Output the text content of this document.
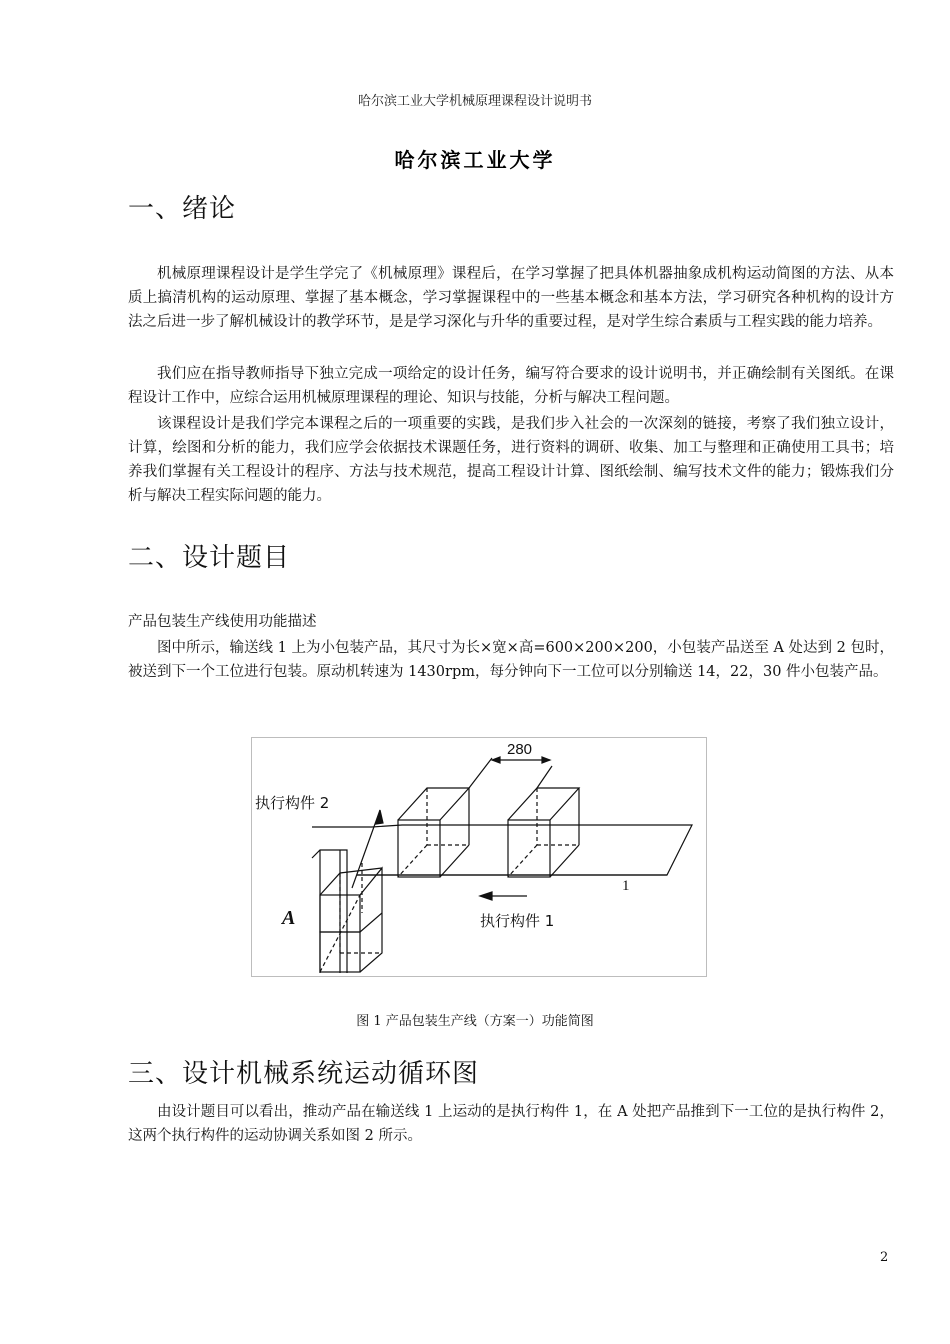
哈尔滨工业大学机械原理课程设计说明书
哈尔滨工业大学
一、绪论

机械原理课程设计是学生学完了《机械原理》课程后，在学习掌握了把具体机器抽象成机构运动简图的方法、从本质上搞清机构的运动原理、掌握了基本概念，学习掌握课程中的一些基本概念和基本方法，学习研究各种机构的设计方法之后进一步了解机械设计的教学环节，是是学习深化与升华的重要过程，是对学生综合素质与工程实践的能力培养。

我们应在指导教师指导下独立完成一项给定的设计任务，编写符合要求的设计说明书，并正确绘制有关图纸。在课程设计工作中，应综合运用机械原理课程的理论、知识与技能，分析与解决工程问题。

该课程设计是我们学完本课程之后的一项重要的实践，是我们步入社会的一次深刻的链接，考察了我们独立设计，计算，绘图和分析的能力，我们应学会依据技术课题任务，进行资料的调研、收集、加工与整理和正确使用工具书；培养我们掌握有关工程设计的程序、方法与技术规范，提高工程设计计算、图纸绘制、编写技术文件的能力；锻炼我们分析与解决工程实际问题的能力。

二、设计题目

产品包装生产线使用功能描述

图中所示，输送线 1 上为小包装产品，其尺寸为长×宽×高=600×200×200，小包装产品送至 A 处达到 2 包时，被送到下一个工位进行包装。原动机转速为 1430rpm，每分钟向下一工位可以分别输送 14，22，30 件小包装产品。

280
执行构件 2
执行构件 1
1
A
图 1 产品包装生产线（方案一）功能简图
三、设计机械系统运动循环图

由设计题目可以看出，推动产品在输送线 1 上运动的是执行构件 1，在 A 处把产品推到下一工位的是执行构件 2，这两个执行构件的运动协调关系如图 2 所示。

2
